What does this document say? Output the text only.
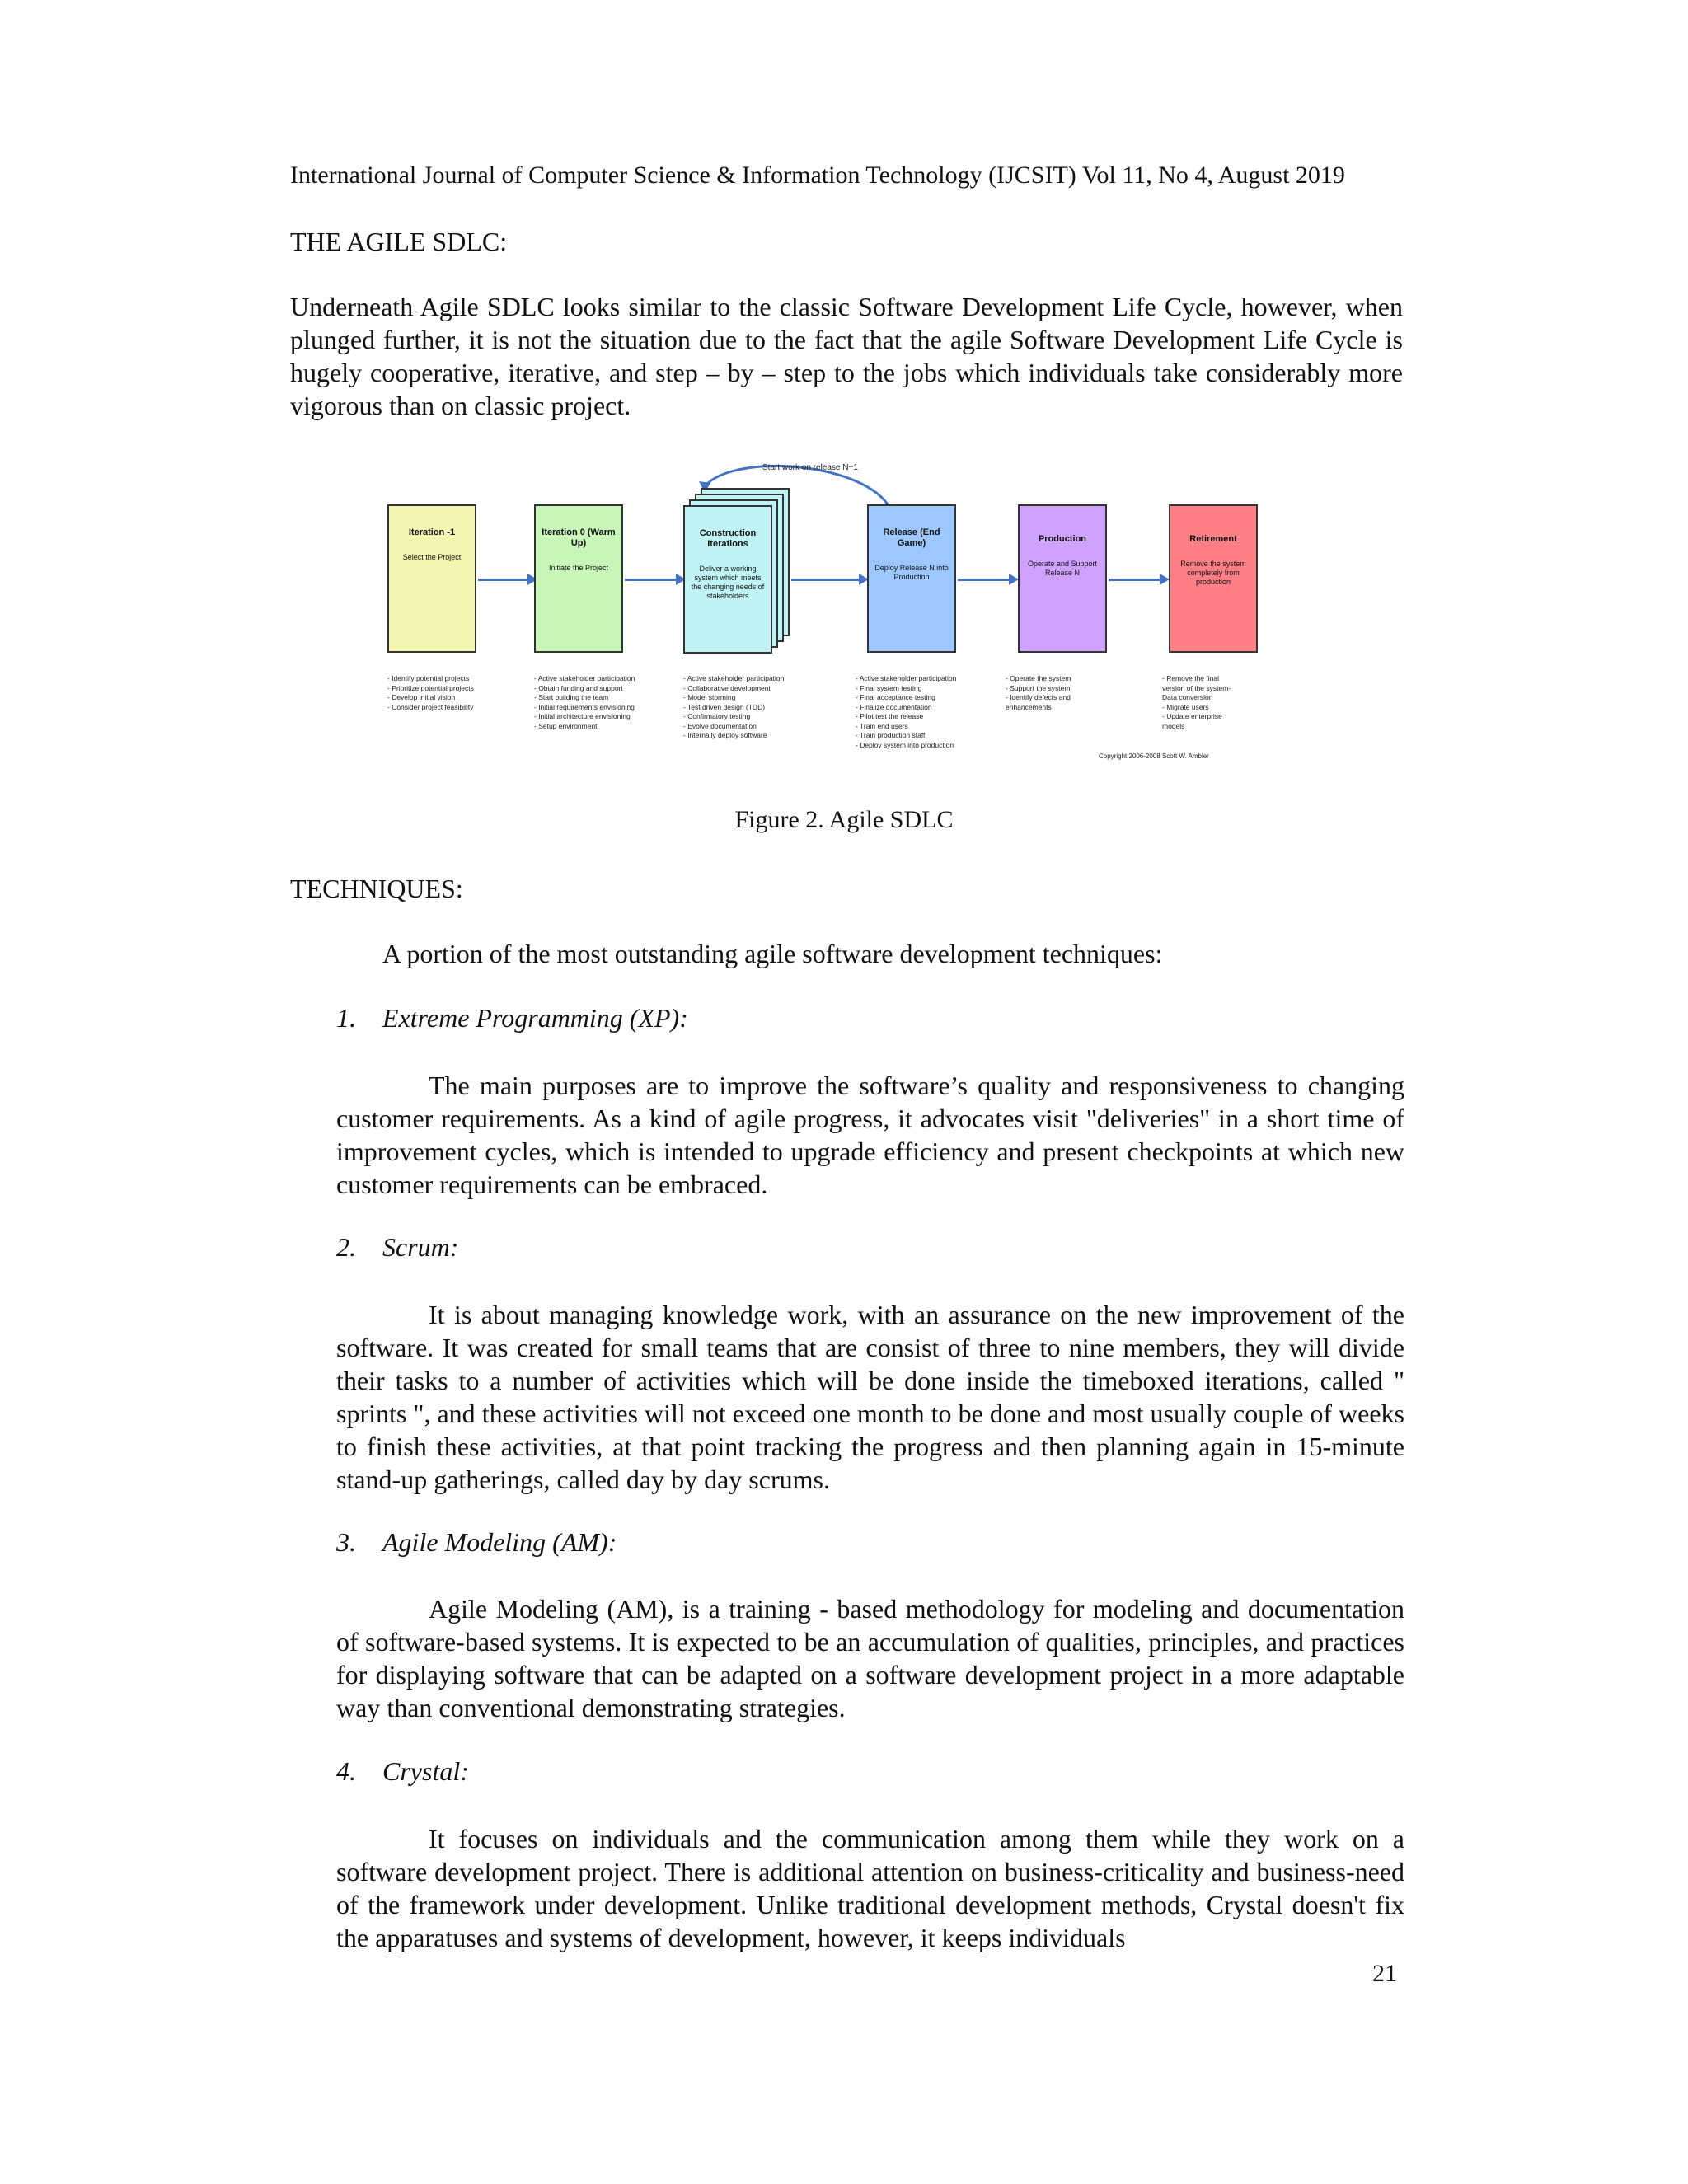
International Journal of Computer Science & Information Technology (IJCSIT) Vol 11, No 4, August 2019
THE AGILE SDLC:
Underneath Agile SDLC looks similar to the classic Software Development Life Cycle, however, when plunged further, it is not the situation due to the fact that the agile Software Development Life Cycle is hugely cooperative, iterative, and step – by – step to the jobs which individuals take considerably more vigorous than on classic project.
Start work on release N+1
Iteration -1
Select the Project
Iteration 0 (Warm Up)
Initiate the Project
Construction Iterations
Deliver a working system which meets the changing needs of stakeholders
Release (End Game)
Deploy Release N into Production
Production
Operate and Support Release N
Retirement
Remove the system completely from production
- Identify potential projects
- Prioritize potential projects
- Develop initial vision
- Consider project feasibility
- Active stakeholder participation
- Obtain funding and support
- Start building the team
- Initial requirements envisioning
- Initial architecture envisioning
- Setup environment
- Active stakeholder participation
- Collaborative development
- Model storming
- Test driven design (TDD)
- Confirmatory testing
- Evolve documentation
- Internally deploy software
- Active stakeholder participation
- Final system testing
- Final acceptance testing
- Finalize documentation
- Pilot test the release
- Train end users
- Train production staff
- Deploy system into production
- Operate the system
- Support the system
- Identify defects and
enhancements
- Remove the final
version of the system-
Data conversion
- Migrate users
- Update enterprise
models
Copyright 2006-2008 Scott W. Ambler
Figure 2. Agile SDLC
TECHNIQUES:
A portion of the most outstanding agile software development techniques:
1. Extreme Programming (XP):
The main purposes are to improve the software’s quality and responsiveness to changing customer requirements. As a kind of agile progress, it advocates visit "deliveries" in a short time of improvement cycles, which is intended to upgrade efficiency and present checkpoints at which new customer requirements can be embraced.
2. Scrum:
It is about managing knowledge work, with an assurance on the new improvement of the software. It was created for small teams that are consist of three to nine members, they will divide their tasks to a number of activities which will be done inside the timeboxed iterations, called " sprints ", and these activities will not exceed one month to be done and most usually couple of weeks to finish these activities, at that point tracking the progress and then planning again in 15-minute stand-up gatherings, called day by day scrums.
3. Agile Modeling (AM):
Agile Modeling (AM), is a training - based methodology for modeling and documentation of software-based systems. It is expected to be an accumulation of qualities, principles, and practices for displaying software that can be adapted on a software development project in a more adaptable way than conventional demonstrating strategies.
4. Crystal:
It focuses on individuals and the communication among them while they work on a software development project. There is additional attention on business-criticality and business-need of the framework under development. Unlike traditional development methods, Crystal doesn't fix the apparatuses and systems of development, however, it keeps individuals
21
